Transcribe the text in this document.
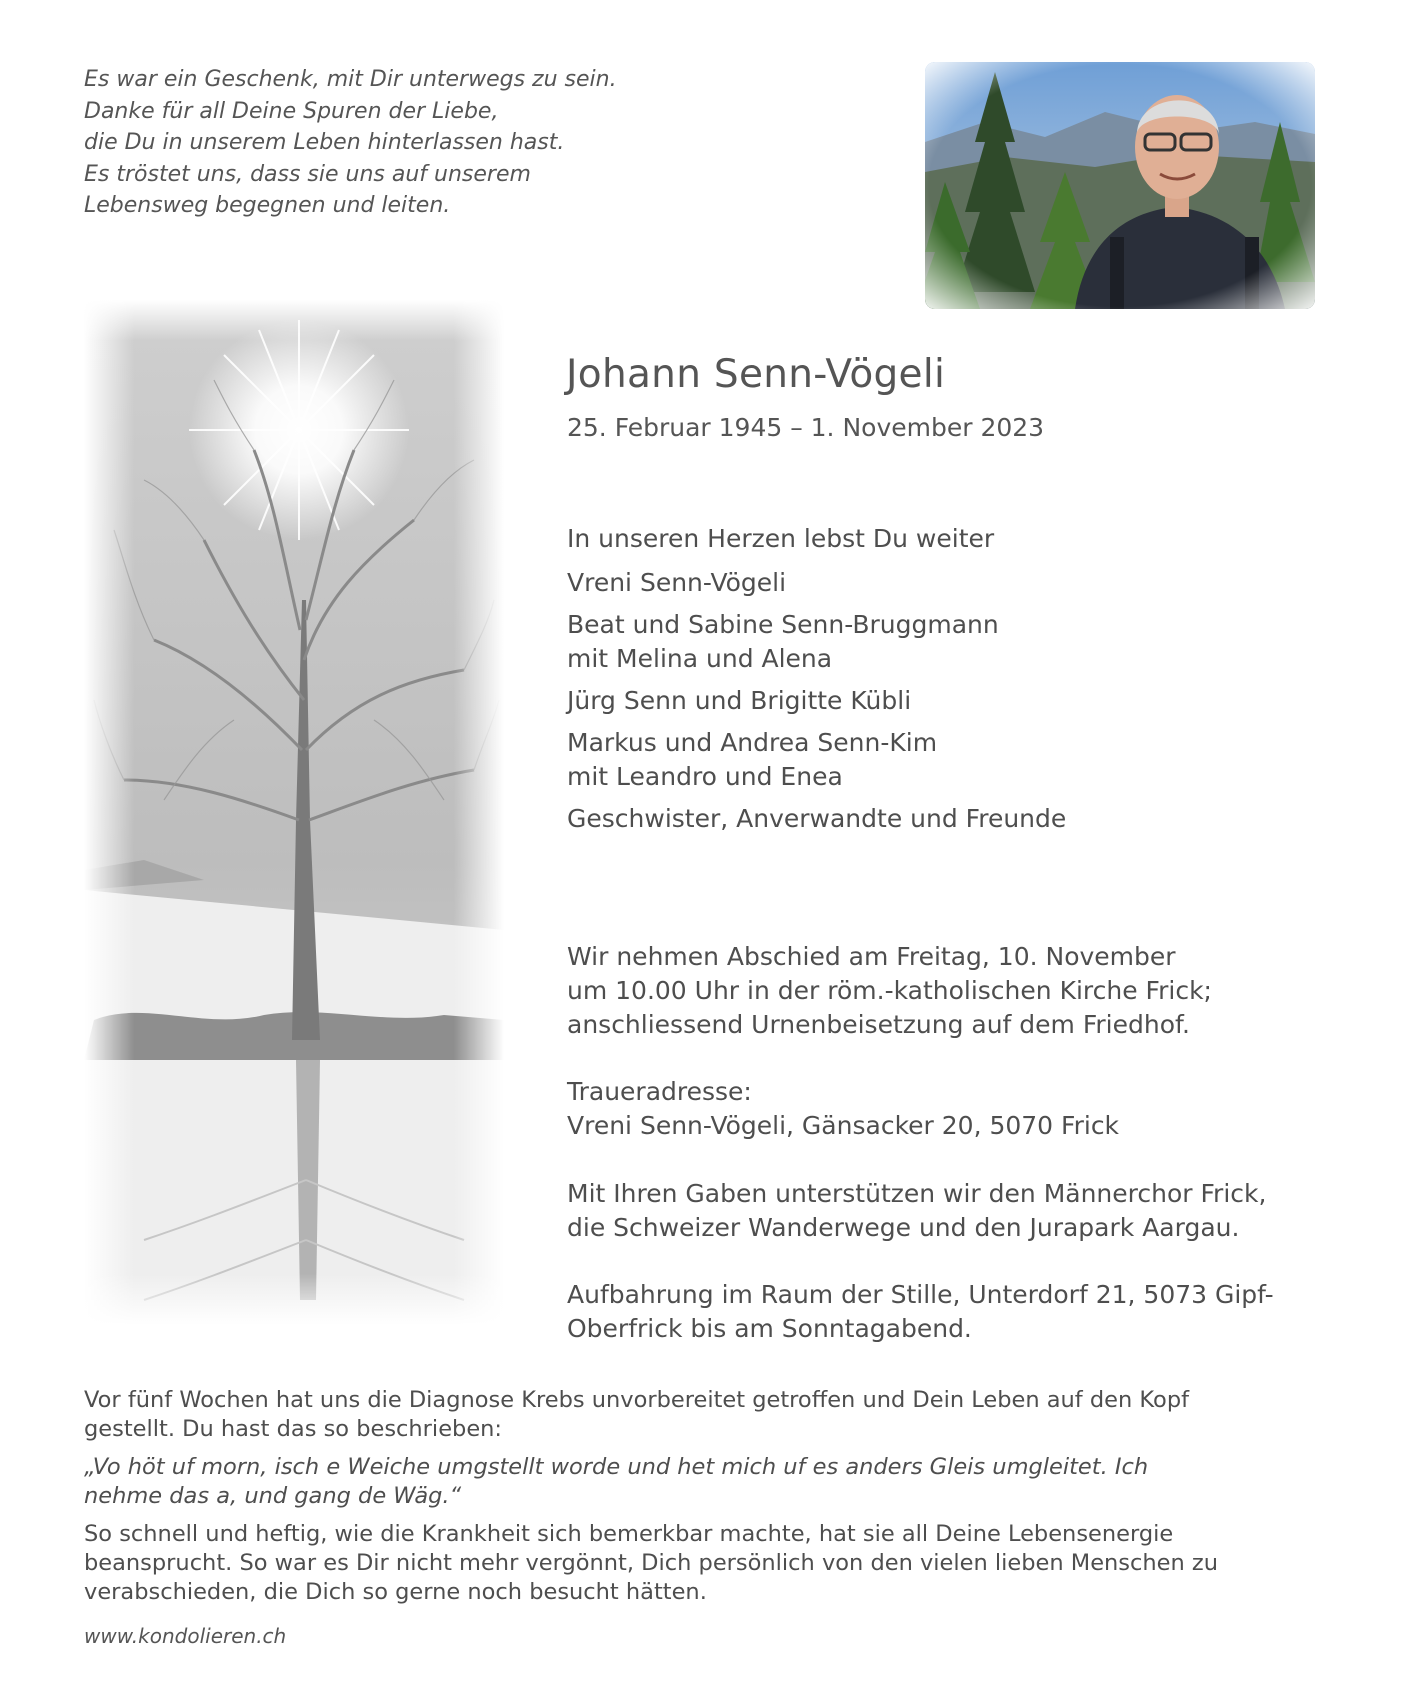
Es war ein Geschenk, mit Dir unterwegs zu sein.
Danke für all Deine Spuren der Liebe,
die Du in unserem Leben hinterlassen hast.
Es tröstet uns, dass sie uns auf unserem
Lebensweg begegnen und leiten.
Johann Senn-Vögeli
25. Februar 1945 – 1. November 2023
In unseren Herzen lebst Du weiter
Vreni Senn-Vögeli
Beat und Sabine Senn-Bruggmann
mit Melina und Alena
Jürg Senn und Brigitte Kübli
Markus und Andrea Senn-Kim
mit Leandro und Enea
Geschwister, Anverwandte und Freunde
Wir nehmen Abschied am Freitag, 10. November
um 10.00 Uhr in der röm.-katholischen Kirche Frick;
anschliessend Urnenbeisetzung auf dem Friedhof.
Traueradresse:
Vreni Senn-Vögeli, Gänsacker 20, 5070 Frick
Mit Ihren Gaben unterstützen wir den Männerchor Frick,
die Schweizer Wanderwege und den Jurapark Aargau.
Aufbahrung im Raum der Stille, Unterdorf 21, 5073 Gipf-
Oberfrick bis am Sonntagabend.
Vor fünf Wochen hat uns die Diagnose Krebs unvorbereitet getroffen und Dein Leben auf den Kopf
gestellt. Du hast das so beschrieben:
„Vo höt uf morn, isch e Weiche umgstellt worde und het mich uf es anders Gleis umgleitet. Ich
nehme das a, und gang de Wäg.“
So schnell und heftig, wie die Krankheit sich bemerkbar machte, hat sie all Deine Lebensenergie
beansprucht. So war es Dir nicht mehr vergönnt, Dich persönlich von den vielen lieben Menschen zu
verabschieden, die Dich so gerne noch besucht hätten.
www.kondolieren.ch
